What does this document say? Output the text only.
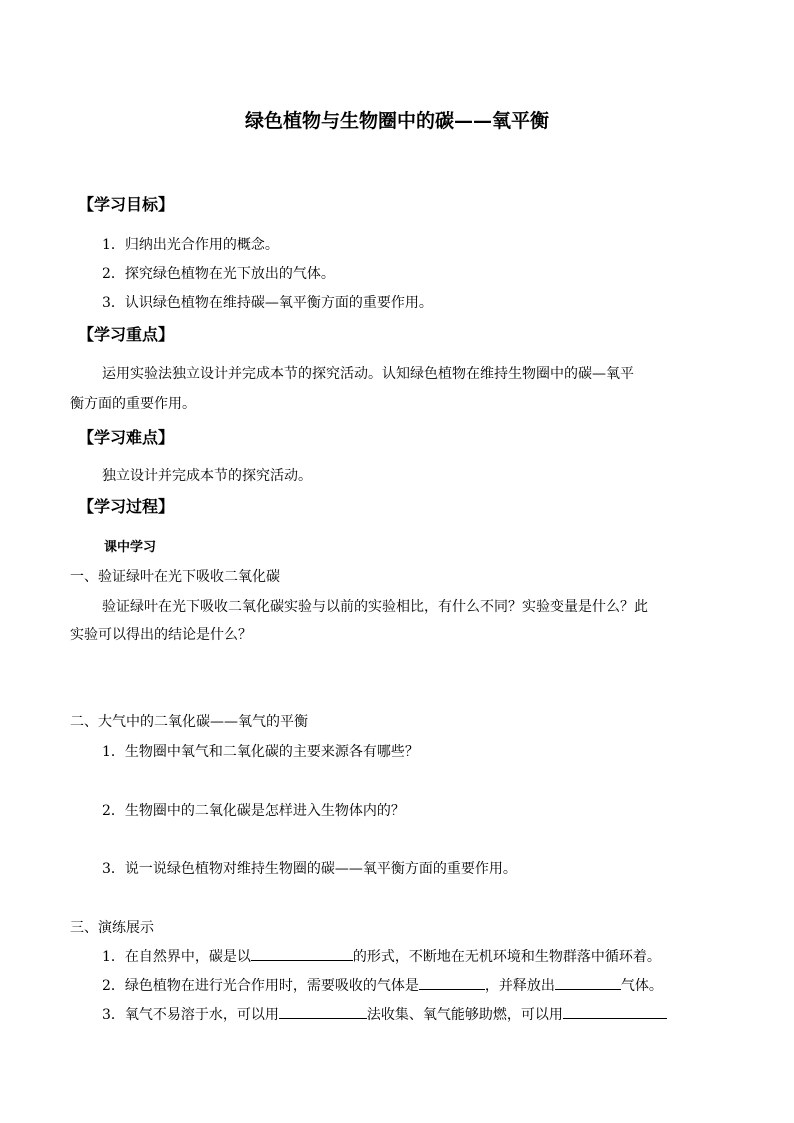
绿色植物与生物圈中的碳——氧平衡
【学习目标】
1．归纳出光合作用的概念。
2．探究绿色植物在光下放出的气体。
3．认识绿色植物在维持碳—氧平衡方面的重要作用。
【学习重点】
运用实验法独立设计并完成本节的探究活动。认知绿色植物在维持生物圈中的碳—氧平
衡方面的重要作用。
【学习难点】
独立设计并完成本节的探究活动。
【学习过程】
课中学习
一、验证绿叶在光下吸收二氧化碳
验证绿叶在光下吸收二氧化碳实验与以前的实验相比，有什么不同？实验变量是什么？此
实验可以得出的结论是什么？
二、大气中的二氧化碳——氧气的平衡
1．生物圈中氧气和二氧化碳的主要来源各有哪些？
2．生物圈中的二氧化碳是怎样进入生物体内的？
3．说一说绿色植物对维持生物圈的碳——氧平衡方面的重要作用。
三、演练展示
1．在自然界中，碳是以	的形式，不断地在无机环境和生物群落中循环着。
2．绿色植物在进行光合作用时，需要吸收的气体是	，并释放出	气体。
3．氧气不易溶于水，可以用	法收集、氧气能够助燃，可以用
